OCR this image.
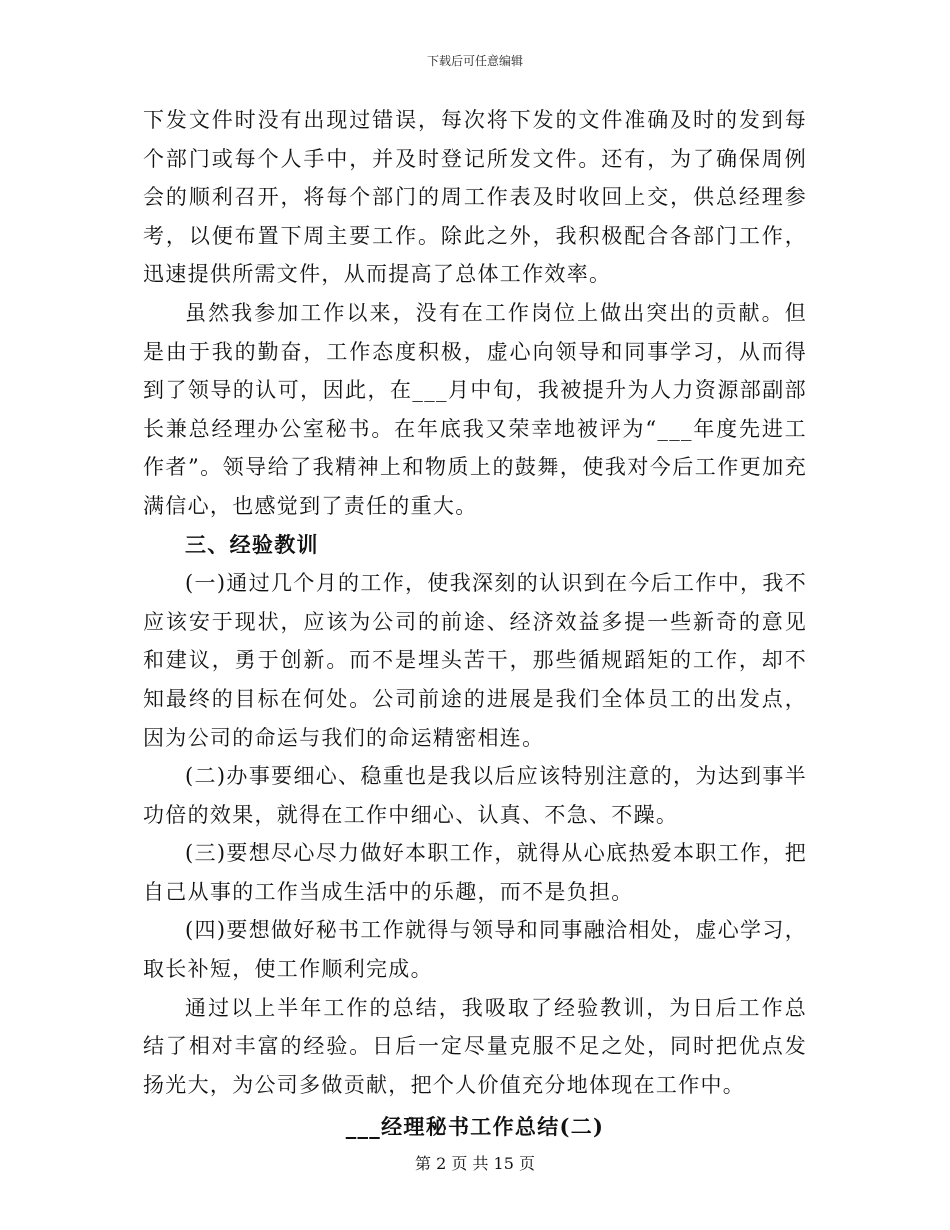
下载后可任意编辑

下发文件时没有出现过错误，每次将下发的文件准确及时的发到每个部门或每个人手中，并及时登记所发文件。还有，为了确保周例会的顺利召开，将每个部门的周工作表及时收回上交，供总经理参考，以便布置下周主要工作。除此之外，我积极配合各部门工作，迅速提供所需文件，从而提高了总体工作效率。

虽然我参加工作以来，没有在工作岗位上做出突出的贡献。但是由于我的勤奋，工作态度积极，虚心向领导和同事学习，从而得到了领导的认可，因此，在___月中旬，我被提升为人力资源部副部长兼总经理办公室秘书。在年底我又荣幸地被评为“___年度先进工作者”。领导给了我精神上和物质上的鼓舞，使我对今后工作更加充满信心，也感觉到了责任的重大。

三、经验教训

(一)通过几个月的工作，使我深刻的认识到在今后工作中，我不应该安于现状，应该为公司的前途、经济效益多提一些新奇的意见和建议，勇于创新。而不是埋头苦干，那些循规蹈矩的工作，却不知最终的目标在何处。公司前途的进展是我们全体员工的出发点，因为公司的命运与我们的命运精密相连。

(二)办事要细心、稳重也是我以后应该特别注意的，为达到事半功倍的效果，就得在工作中细心、认真、不急、不躁。

(三)要想尽心尽力做好本职工作，就得从心底热爱本职工作，把自己从事的工作当成生活中的乐趣，而不是负担。

(四)要想做好秘书工作就得与领导和同事融洽相处，虚心学习，取长补短，使工作顺利完成。

通过以上半年工作的总结，我吸取了经验教训，为日后工作总结了相对丰富的经验。日后一定尽量克服不足之处，同时把优点发扬光大，为公司多做贡献，把个人价值充分地体现在工作中。

___经理秘书工作总结(二)

第 2 页 共 15 页
